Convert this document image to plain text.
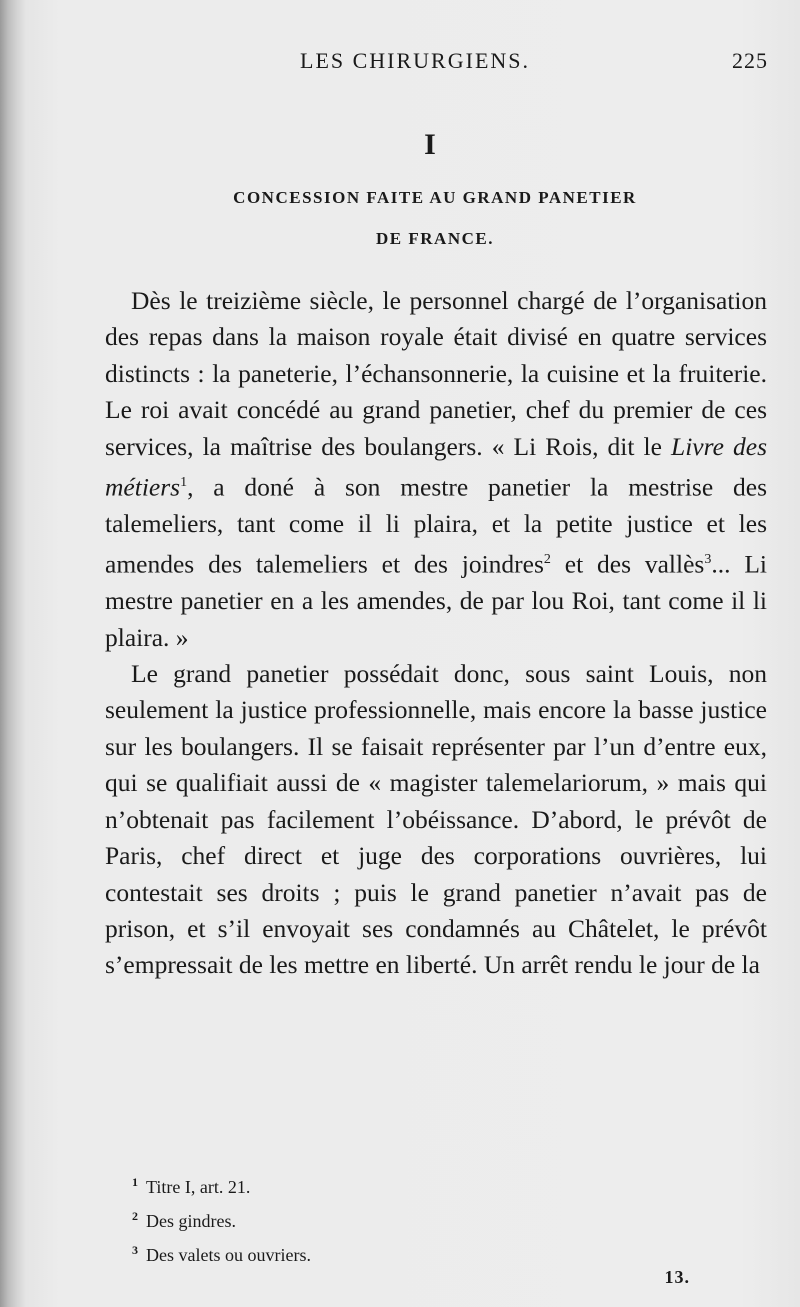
LES CHIRURGIENS.	225
I
CONCESSION FAITE AU GRAND PANETIER
DE FRANCE.

Dès le treizième siècle, le personnel chargé de l’organisation des repas dans la maison royale était divisé en quatre services distincts : la paneterie, l’échansonnerie, la cuisine et la fruiterie. Le roi avait concédé au grand panetier, chef du premier de ces services, la maîtrise des boulangers. « Li Rois, dit le Livre des métiers$^1$, a doné à son mestre panetier la mestrise des talemeliers, tant come il li plaira, et la petite justice et les amendes des talemeliers et des joindres$^2$ et des vallès$^3$... Li mestre panetier en a les amendes, de par lou Roi, tant come il li plaira. »

Le grand panetier possédait donc, sous saint Louis, non seulement la justice professionnelle, mais encore la basse justice sur les boulangers. Il se faisait représenter par l’un d’entre eux, qui se qualifiait aussi de « magister talemelariorum, » mais qui n’obtenait pas facilement l’obéissance. D’abord, le prévôt de Paris, chef direct et juge des corporations ouvrières, lui contestait ses droits ; puis le grand panetier n’avait pas de prison, et s’il envoyait ses condamnés au Châtelet, le prévôt s’empressait de les mettre en liberté. Un arrêt rendu le jour de la

$^1$ Titre I, art. 21.
$^2$ Des gindres.
$^3$ Des valets ou ouvriers.
13.
